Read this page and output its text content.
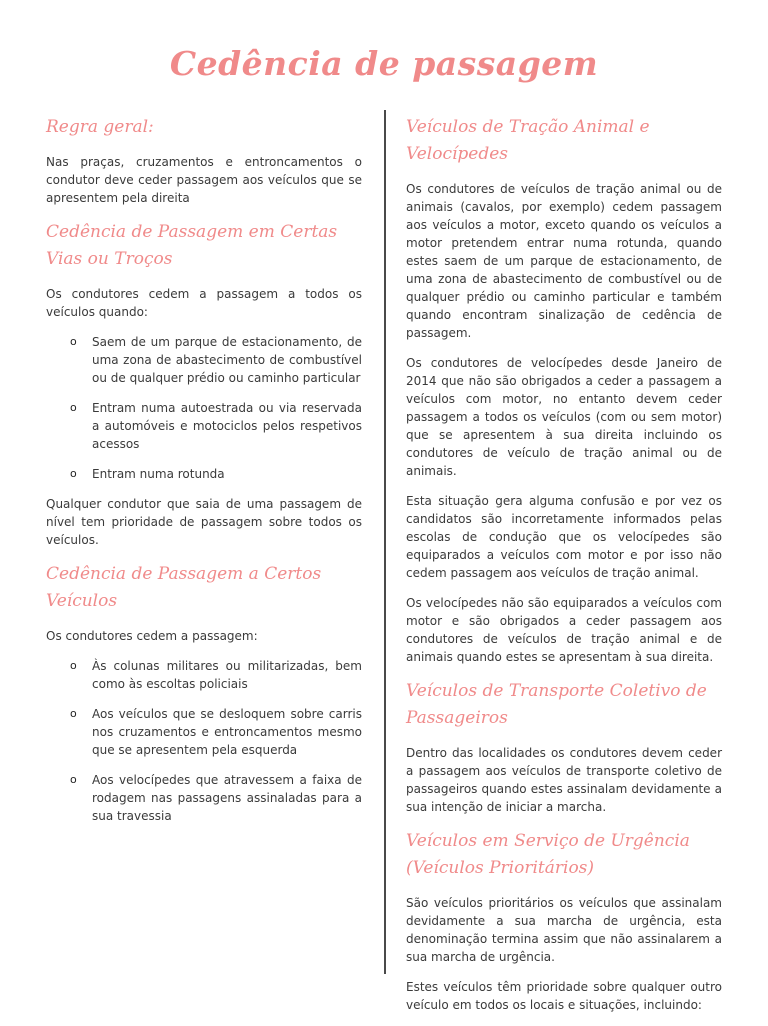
Cedência de passagem
Regra geral:

Nas praças, cruzamentos e entroncamentos o condutor deve ceder passagem aos veículos que se apresentem pela direita

Cedência de Passagem em Certas Vias ou Troços

Os condutores cedem a passagem a todos os veículos quando:

o Saem de um parque de estacionamento, de uma zona de abastecimento de combustível ou de qualquer prédio ou caminho particular
o Entram numa autoestrada ou via reservada a automóveis e motociclos pelos respetivos acessos
o Entram numa rotunda

Qualquer condutor que saia de uma passagem de nível tem prioridade de passagem sobre todos os veículos.

Cedência de Passagem a Certos Veículos

Os condutores cedem a passagem:

o Às colunas militares ou militarizadas, bem como às escoltas policiais
o Aos veículos que se desloquem sobre carris nos cruzamentos e entroncamentos mesmo que se apresentem pela esquerda
o Aos velocípedes que atravessem a faixa de rodagem nas passagens assinaladas para a sua travessia
Veículos de Tração Animal e Velocípedes

Os condutores de veículos de tração animal ou de animais (cavalos, por exemplo) cedem passagem aos veículos a motor, exceto quando os veículos a motor pretendem entrar numa rotunda, quando estes saem de um parque de estacionamento, de uma zona de abastecimento de combustível ou de qualquer prédio ou caminho particular e também quando encontram sinalização de cedência de passagem.

Os condutores de velocípedes desde Janeiro de 2014 que não são obrigados a ceder a passagem a veículos com motor, no entanto devem ceder passagem a todos os veículos (com ou sem motor) que se apresentem à sua direita incluindo os condutores de veículo de tração animal ou de animais.

Esta situação gera alguma confusão e por vez os candidatos são incorretamente informados pelas escolas de condução que os velocípedes são equiparados a veículos com motor e por isso não cedem passagem aos veículos de tração animal.

Os velocípedes não são equiparados a veículos com motor e são obrigados a ceder passagem aos condutores de veículos de tração animal e de animais quando estes se apresentam à sua direita.

Veículos de Transporte Coletivo de Passageiros

Dentro das localidades os condutores devem ceder a passagem aos veículos de transporte coletivo de passageiros quando estes assinalam devidamente a sua intenção de iniciar a marcha.

Veículos em Serviço de Urgência (Veículos Prioritários)

São veículos prioritários os veículos que assinalam devidamente a sua marcha de urgência, esta denominação termina assim que não assinalarem a sua marcha de urgência.

Estes veículos têm prioridade sobre qualquer outro veículo em todos os locais e situações, incluindo:
